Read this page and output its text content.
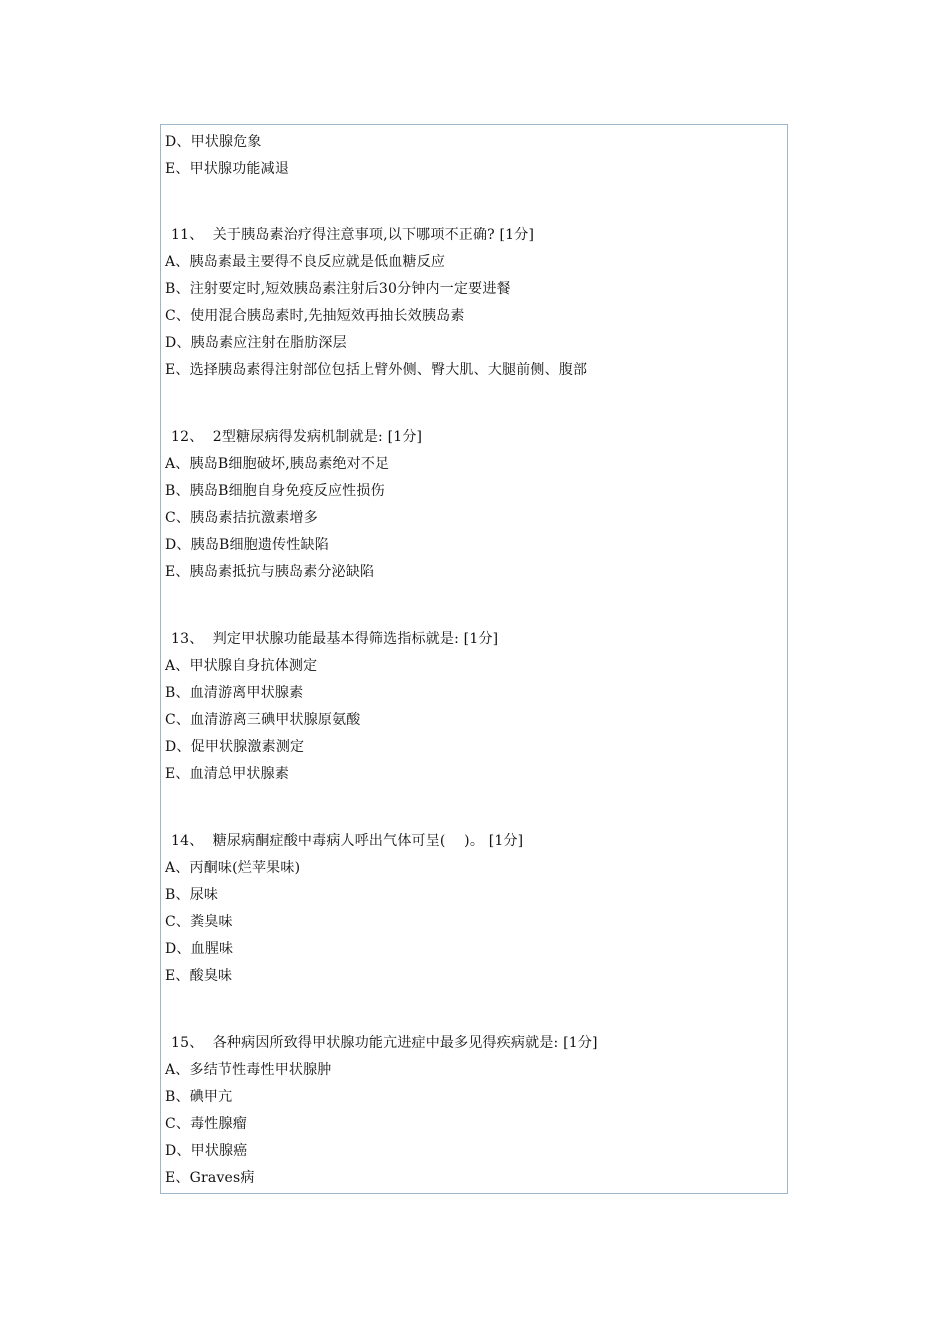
D、甲状腺危象
E、甲状腺功能减退
11、  关于胰岛素治疗得注意事项,以下哪项不正确? [1分]
A、胰岛素最主要得不良反应就是低血糖反应
B、注射要定时,短效胰岛素注射后30分钟内一定要进餐
C、使用混合胰岛素时,先抽短效再抽长效胰岛素
D、胰岛素应注射在脂肪深层
E、选择胰岛素得注射部位包括上臂外侧、臀大肌、大腿前侧、腹部
12、  2型糖尿病得发病机制就是: [1分]
A、胰岛B细胞破坏,胰岛素绝对不足
B、胰岛B细胞自身免疫反应性损伤
C、胰岛素拮抗激素增多
D、胰岛B细胞遗传性缺陷
E、胰岛素抵抗与胰岛素分泌缺陷
13、  判定甲状腺功能最基本得筛选指标就是: [1分]
A、甲状腺自身抗体测定
B、血清游离甲状腺素
C、血清游离三碘甲状腺原氨酸
D、促甲状腺激素测定
E、血清总甲状腺素
14、  糖尿病酮症酸中毒病人呼出气体可呈(    )。 [1分]
A、丙酮味(烂苹果味)
B、尿味
C、粪臭味
D、血腥味
E、酸臭味
15、  各种病因所致得甲状腺功能亢进症中最多见得疾病就是: [1分]
A、多结节性毒性甲状腺肿
B、碘甲亢
C、毒性腺瘤
D、甲状腺癌
E、Graves病
